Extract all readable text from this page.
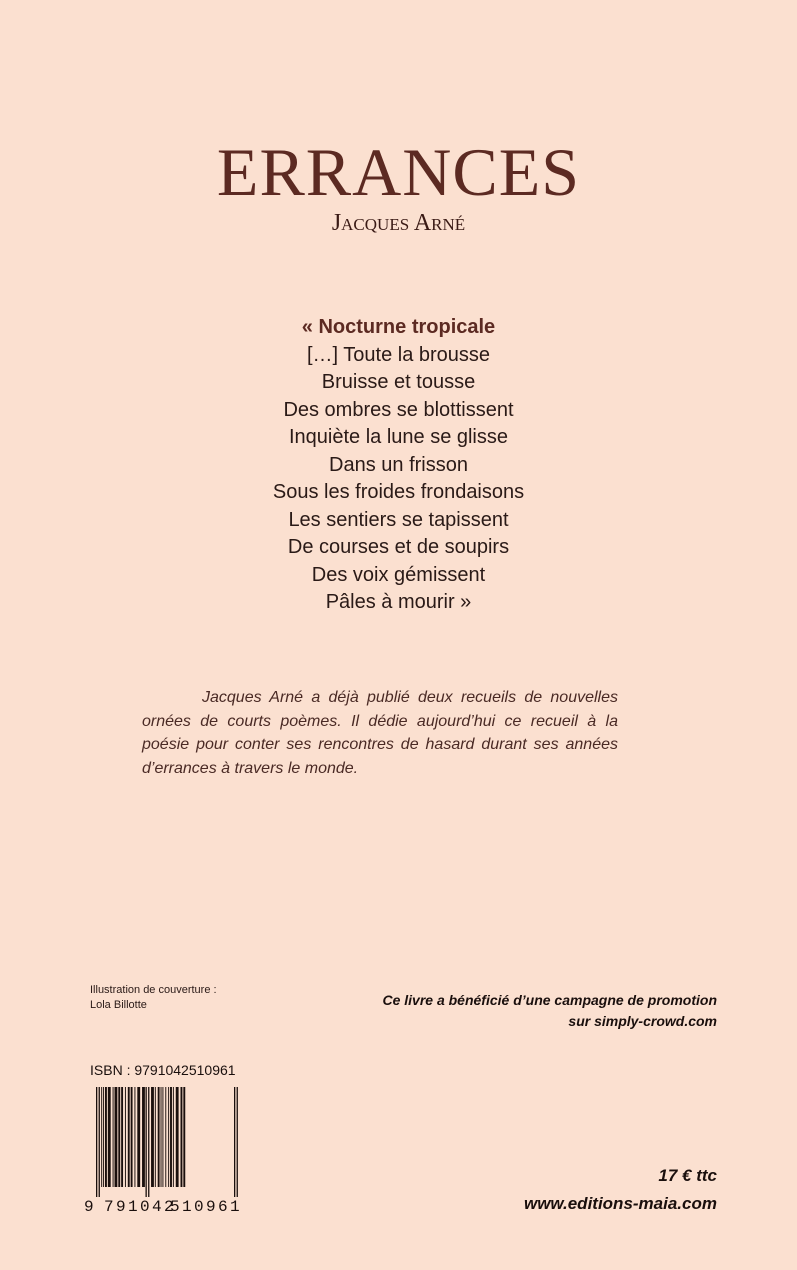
ERRANCES
Jacques Arné
« Nocturne tropicale
[…] Toute la brousse
Bruisse et tousse
Des ombres se blottissent
Inquiète la lune se glisse
Dans un frisson
Sous les froides frondaisons
Les sentiers se tapissent
De courses et de soupirs
Des voix gémissent
Pâles à mourir »
Jacques Arné a déjà publié deux recueils de nouvelles ornées de courts poèmes. Il dédie aujourd’hui ce recueil à la poésie pour conter ses rencontres de hasard durant ses années d’errances à travers le monde.
Illustration de couverture :
Lola Billotte	Ce livre a bénéficié d’une campagne de promotion
sur simply-crowd.com
ISBN : 9791042510961
9 791042
510961
17 € ttc
www.editions-maia.com
